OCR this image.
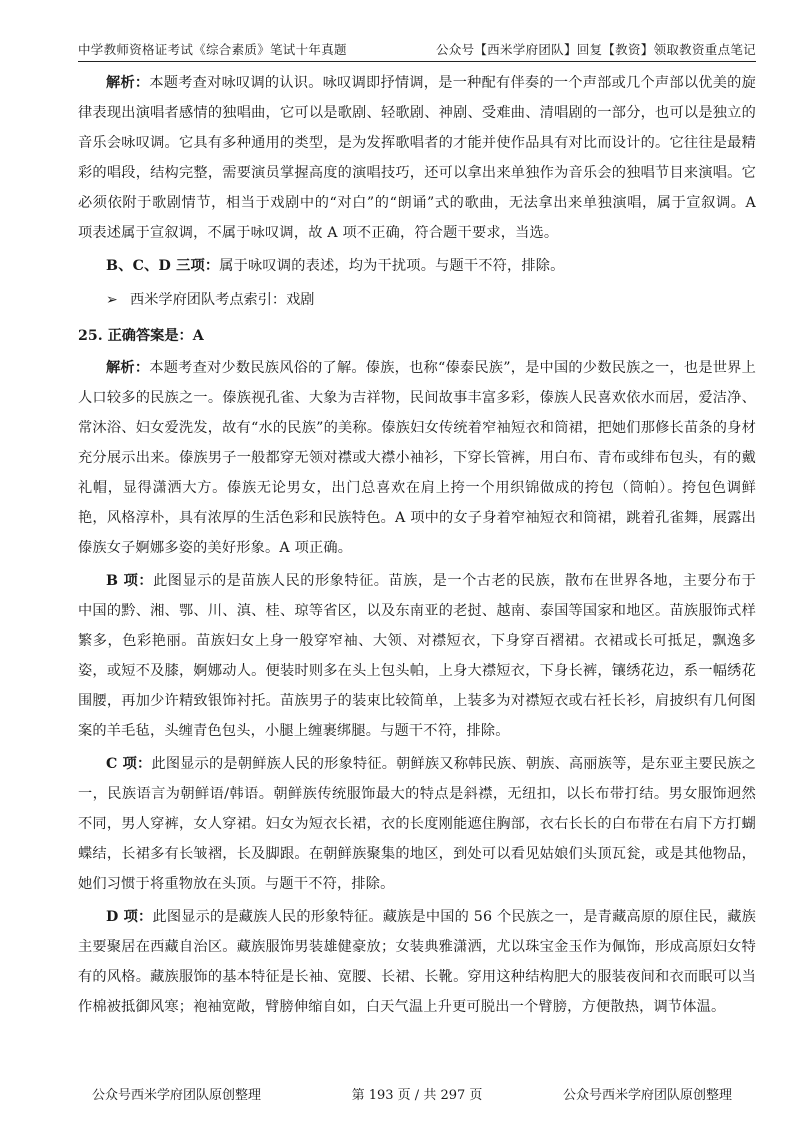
中学教师资格证考试《综合素质》笔试十年真题	公众号【西米学府团队】回复【教资】领取教资重点笔记

解析：本题考查对咏叹调的认识。咏叹调即抒情调，是一种配有伴奏的一个声部或几个声部以优美的旋律表现出演唱者感情的独唱曲，它可以是歌剧、轻歌剧、神剧、受难曲、清唱剧的一部分，也可以是独立的音乐会咏叹调。它具有多种通用的类型，是为发挥歌唱者的才能并使作品具有对比而设计的。它往往是最精彩的唱段，结构完整，需要演员掌握高度的演唱技巧，还可以拿出来单独作为音乐会的独唱节目来演唱。它必须依附于歌剧情节，相当于戏剧中的“对白”的“朗诵”式的歌曲，无法拿出来单独演唱，属于宣叙调。A 项表述属于宣叙调，不属于咏叹调，故 A 项不正确，符合题干要求，当选。

B、C、D 三项：属于咏叹调的表述，均为干扰项。与题干不符，排除。

➢ 西米学府团队考点索引：戏剧
25. 正确答案是：A

解析：本题考查对少数民族风俗的了解。傣族，也称“傣泰民族”，是中国的少数民族之一，也是世界上人口较多的民族之一。傣族视孔雀、大象为吉祥物，民间故事丰富多彩，傣族人民喜欢依水而居，爱洁净、常沐浴、妇女爱洗发，故有“水的民族”的美称。傣族妇女传统着窄袖短衣和筒裙，把她们那修长苗条的身材充分展示出来。傣族男子一般都穿无领对襟或大襟小袖衫，下穿长管裤，用白布、青布或绯布包头，有的戴礼帽，显得潇洒大方。傣族无论男女，出门总喜欢在肩上挎一个用织锦做成的挎包（筒帕）。挎包色调鲜艳，风格淳朴，具有浓厚的生活色彩和民族特色。A 项中的女子身着窄袖短衣和筒裙，跳着孔雀舞，展露出傣族女子婀娜多姿的美好形象。A 项正确。

B 项：此图显示的是苗族人民的形象特征。苗族，是一个古老的民族，散布在世界各地，主要分布于中国的黔、湘、鄂、川、滇、桂、琼等省区，以及东南亚的老挝、越南、泰国等国家和地区。苗族服饰式样繁多，色彩艳丽。苗族妇女上身一般穿窄袖、大领、对襟短衣，下身穿百褶裙。衣裙或长可抵足，飘逸多姿，或短不及膝，婀娜动人。便装时则多在头上包头帕，上身大襟短衣，下身长裤，镶绣花边，系一幅绣花围腰，再加少许精致银饰衬托。苗族男子的装束比较简单，上装多为对襟短衣或右衽长衫，肩披织有几何图案的羊毛毡，头缠青色包头，小腿上缠裹绑腿。与题干不符，排除。

C 项：此图显示的是朝鲜族人民的形象特征。朝鲜族又称韩民族、朝族、高丽族等，是东亚主要民族之一，民族语言为朝鲜语/韩语。朝鲜族传统服饰最大的特点是斜襟，无纽扣，以长布带打结。男女服饰迥然不同，男人穿裤，女人穿裙。妇女为短衣长裙，衣的长度刚能遮住胸部，衣右长长的白布带在右肩下方打蝴蝶结，长裙多有长皱褶，长及脚跟。在朝鲜族聚集的地区，到处可以看见姑娘们头顶瓦瓮，或是其他物品，她们习惯于将重物放在头顶。与题干不符，排除。

D 项：此图显示的是藏族人民的形象特征。藏族是中国的 56 个民族之一，是青藏高原的原住民，藏族主要聚居在西藏自治区。藏族服饰男装雄健豪放；女装典雅潇洒，尤以珠宝金玉作为佩饰，形成高原妇女特有的风格。藏族服饰的基本特征是长袖、宽腰、长裙、长靴。穿用这种结构肥大的服装夜间和衣而眠可以当作棉被抵御风寒；袍袖宽敞，臂膀伸缩自如，白天气温上升更可脱出一个臂膀，方便散热，调节体温。

公众号西米学府团队原创整理	第 193 页 / 共 297 页	公众号西米学府团队原创整理
